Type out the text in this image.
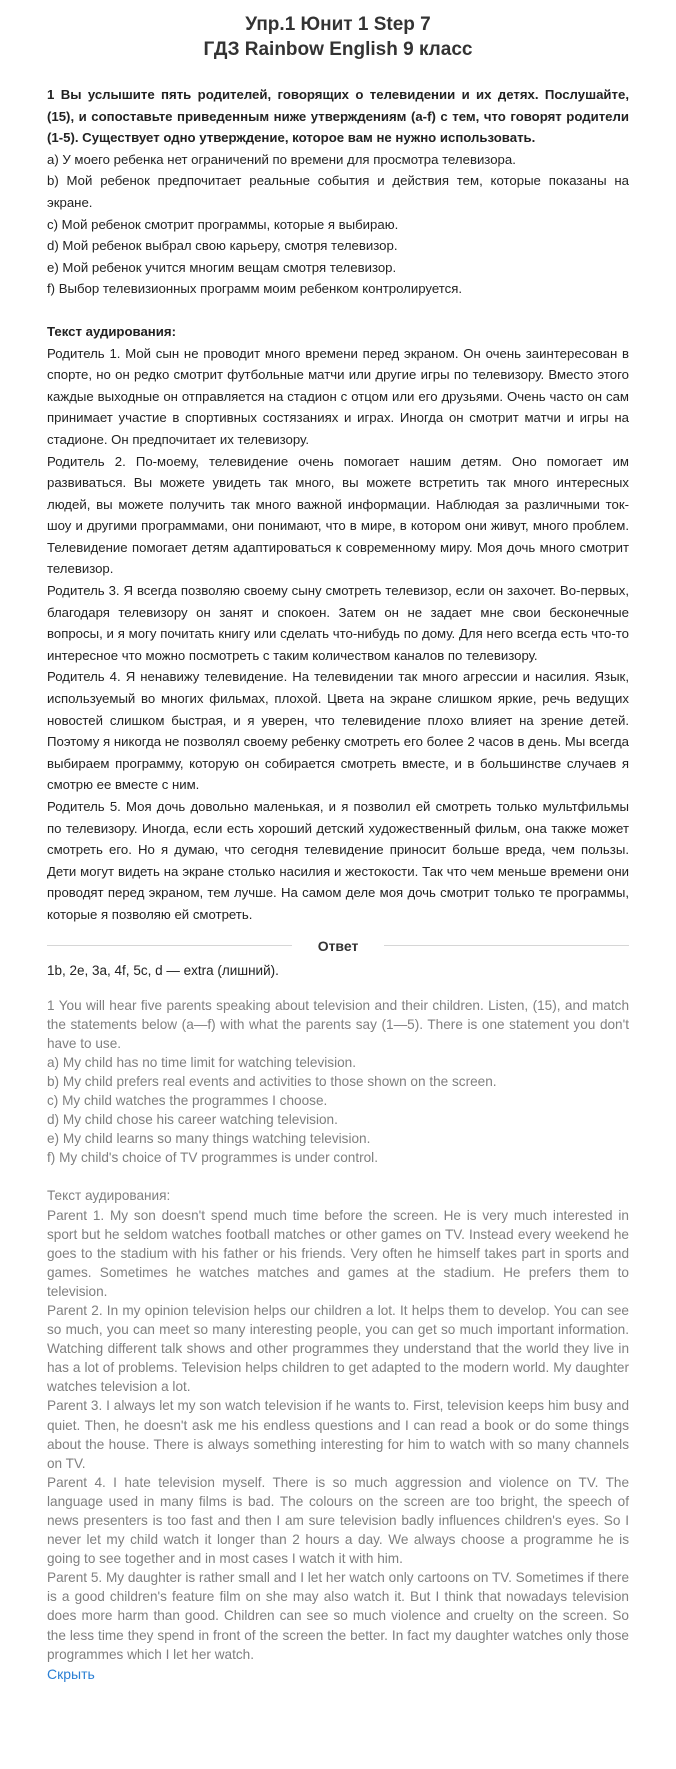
Упр.1 Юнит 1 Step 7
ГДЗ Rainbow English 9 класс

1 Вы услышите пять родителей, говорящих о телевидении и их детях. Послушайте, (15), и сопоставьте приведенным ниже утверждениям (a-f) с тем, что говорят родители (1-5). Существует одно утверждение, которое вам не нужно использовать.

а) У моего ребенка нет ограничений по времени для просмотра телевизора.

b) Мой ребенок предпочитает реальные события и действия тем, которые показаны на экране.

с) Мой ребенок смотрит программы, которые я выбираю.

d) Мой ребенок выбрал свою карьеру, смотря телевизор.

е) Мой ребенок учится многим вещам смотря телевизор.

f) Выбор телевизионных программ моим ребенком контролируется.

Текст аудирования:

Родитель 1. Мой сын не проводит много времени перед экраном. Он очень заинтересован в спорте, но он редко смотрит футбольные матчи или другие игры по телевизору. Вместо этого каждые выходные он отправляется на стадион с отцом или его друзьями. Очень часто он сам принимает участие в спортивных состязаниях и играх. Иногда он смотрит матчи и игры на стадионе. Он предпочитает их телевизору.

Родитель 2. По-моему, телевидение очень помогает нашим детям. Оно помогает им развиваться. Вы можете увидеть так много, вы можете встретить так много интересных людей, вы можете получить так много важной информации. Наблюдая за различными ток-шоу и другими программами, они понимают, что в мире, в котором они живут, много проблем. Телевидение помогает детям адаптироваться к современному миру. Моя дочь много смотрит телевизор.

Родитель 3. Я всегда позволяю своему сыну смотреть телевизор, если он захочет. Во-первых, благодаря телевизору он занят и спокоен. Затем он не задает мне свои бесконечные вопросы, и я могу почитать книгу или сделать что-нибудь по дому. Для него всегда есть что-то интересное что можно посмотреть с таким количеством каналов по телевизору.

Родитель 4. Я ненавижу телевидение. На телевидении так много агрессии и насилия. Язык, используемый во многих фильмах, плохой. Цвета на экране слишком яркие, речь ведущих новостей слишком быстрая, и я уверен, что телевидение плохо влияет на зрение детей. Поэтому я никогда не позволял своему ребенку смотреть его более 2 часов в день. Мы всегда выбираем программу, которую он собирается смотреть вместе, и в большинстве случаев я смотрю ее вместе с ним.

Родитель 5. Моя дочь довольно маленькая, и я позволил ей смотреть только мультфильмы по телевизору. Иногда, если есть хороший детский художественный фильм, она также может смотреть его. Но я думаю, что сегодня телевидение приносит больше вреда, чем пользы. Дети могут видеть на экране столько насилия и жестокости. Так что чем меньше времени они проводят перед экраном, тем лучше. На самом деле моя дочь смотрит только те программы, которые я позволяю ей смотреть.

Ответ
1b, 2e, 3a, 4f, 5c, d — extra (лишний).

1 You will hear five parents speaking about television and their children. Listen, (15), and match the statements below (a—f) with what the parents say (1—5). There is one statement you don't have to use.

a) My child has no time limit for watching television.

b) My child prefers real events and activities to those shown on the screen.

c) My child watches the programmes I choose.

d) My child chose his career watching television.

e) My child learns so many things watching television.

f) My child's choice of TV programmes is under control.

Текст аудирования:

Parent 1. My son doesn't spend much time before the screen. He is very much interested in sport but he seldom watches football matches or other games on TV. Instead every weekend he goes to the stadium with his father or his friends. Very often he himself takes part in sports and games. Sometimes he watches matches and games at the stadium. He prefers them to television.

Parent 2. In my opinion television helps our children a lot. It helps them to develop. You can see so much, you can meet so many interesting people, you can get so much important information. Watching different talk shows and other programmes they understand that the world they live in has a lot of problems. Television helps children to get adapted to the modern world. My daughter watches television a lot.

Parent 3. I always let my son watch television if he wants to. First, television keeps him busy and quiet. Then, he doesn't ask me his endless questions and I can read a book or do some things about the house. There is always something interesting for him to watch with so many channels on TV.

Parent 4. I hate television myself. There is so much aggression and violence on TV. The language used in many films is bad. The colours on the screen are too bright, the speech of news presenters is too fast and then I am sure television badly influences children's eyes. So I never let my child watch it longer than 2 hours a day. We always choose a programme he is going to see together and in most cases I watch it with him.

Parent 5. My daughter is rather small and I let her watch only cartoons on TV. Sometimes if there is a good children's feature film on she may also watch it. But I think that nowadays television does more harm than good. Children can see so much violence and cruelty on the screen. So the less time they spend in front of the screen the better. In fact my daughter watches only those programmes which I let her watch.

Скрыть
